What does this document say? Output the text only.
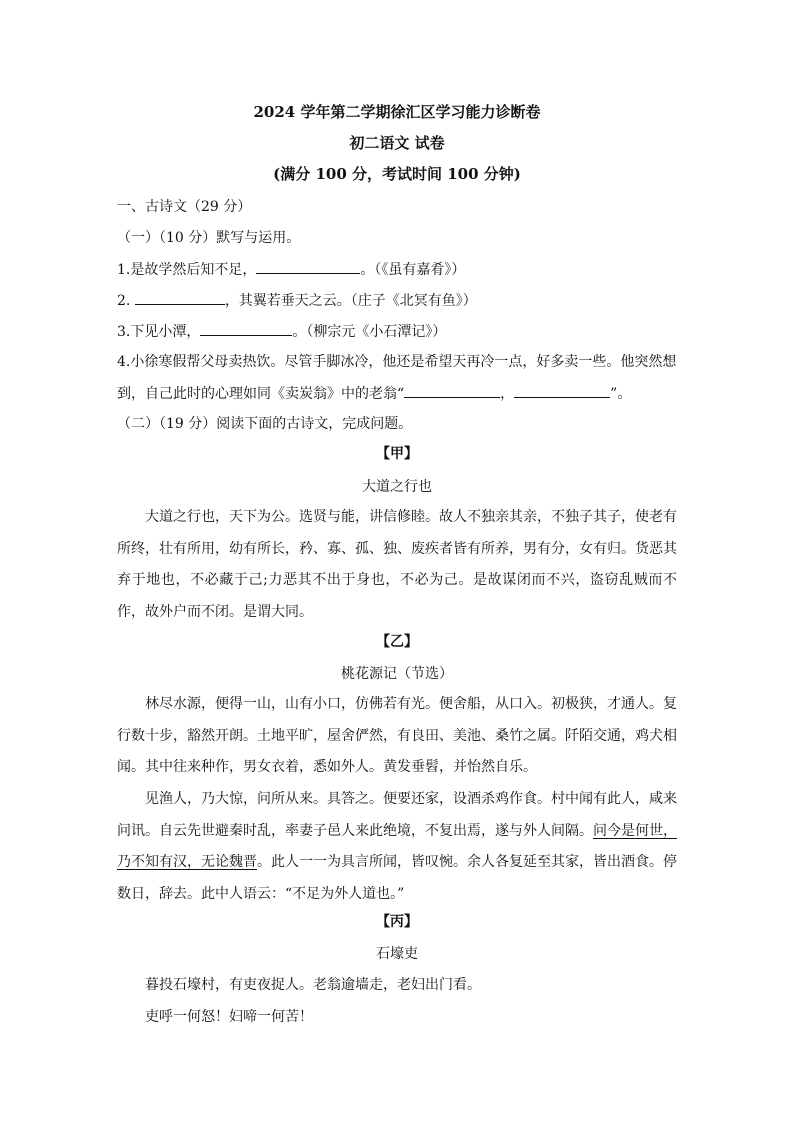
2024 学年第二学期徐汇区学习能力诊断卷
初二语文 试卷
(满分 100 分，考试时间 100 分钟)
一、古诗文（29 分）
（一）（10 分）默写与运用。
1.是故学然后知不足，	。（《虽有嘉肴》）
2.	，其翼若垂天之云。（庄子《北冥有鱼》）
3.下见小潭，	。（柳宗元《小石潭记》）
4.小徐寒假帮父母卖热饮。尽管手脚冰冷，他还是希望天再冷一点，好多卖一些。他突然想
到，自己此时的心理如同《卖炭翁》中的老翁“	，	”。
（二）（19 分）阅读下面的古诗文，完成问题。
【甲】
大道之行也
大道之行也，天下为公。选贤与能，讲信修睦。故人不独亲其亲，不独子其子，使老有所终，壮有所用，幼有所长，矜、寡、孤、独、废疾者皆有所养，男有分，女有归。货恶其弃于地也，不必藏于己;力恶其不出于身也，不必为己。是故谋闭而不兴，盗窃乱贼而不作，故外户而不闭。是谓大同。
【乙】
桃花源记（节选）
林尽水源，便得一山，山有小口，仿佛若有光。便舍船，从口入。初极狭，才通人。复行数十步，豁然开朗。土地平旷，屋舍俨然，有良田、美池、桑竹之属。阡陌交通，鸡犬相闻。其中往来种作，男女衣着，悉如外人。黄发垂髫，并怡然自乐。
见渔人，乃大惊，问所从来。具答之。便要还家，设酒杀鸡作食。村中闻有此人，咸来问讯。自云先世避秦时乱，率妻子邑人来此绝境，不复出焉，遂与外人间隔。问今是何世，乃不知有汉，无论魏晋。此人一一为具言所闻，皆叹惋。余人各复延至其家，皆出酒食。停数日，辞去。此中人语云：“不足为外人道也。”
【丙】
石壕吏
暮投石壕村，有吏夜捉人。老翁逾墙走，老妇出门看。
吏呼一何怒！妇啼一何苦！
